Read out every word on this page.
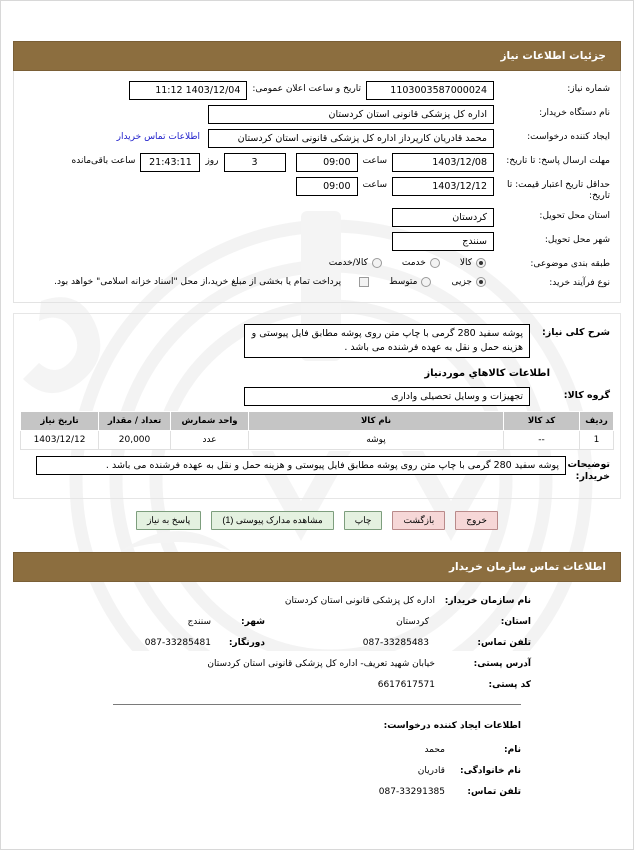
جزئیات اطلاعات نیاز
شماره نیاز:
1103003587000024
تاریخ و ساعت اعلان عمومی:
1403/12/04 11:12
نام دستگاه خریدار:
اداره کل پزشکی قانونی استان کردستان
ایجاد کننده درخواست:
محمد قادریان کارپرداز اداره کل پزشکی قانونی استان کردستان
اطلاعات تماس خریدار
مهلت ارسال پاسخ: تا تاریخ:
1403/12/08
ساعت
09:00
3
روز
21:43:11
ساعت باقی‌مانده
حداقل تاریخ اعتبار قیمت: تا تاریخ:
1403/12/12
ساعت
09:00
استان محل تحویل:
کردستان
شهر محل تحویل:
سنندج
طبقه بندی موضوعی:
کالا
خدمت
کالا/خدمت
نوع فرآیند خرید:
جزیی
متوسط
پرداخت تمام یا بخشی از مبلغ خرید،از محل "اسناد خزانه اسلامی" خواهد بود.
شرح کلی نیاز:
پوشه سفید 280 گرمی با چاپ متن روی پوشه مطابق فایل پیوستی و هزینه حمل و نقل به عهده فرشنده می باشد .
اطلاعات کالاهاي موردنیاز
گروه کالا:
تجهیزات و وسایل تحصیلی واداری
ردیف	کد کالا	نام کالا	واحد شمارش	تعداد / مقدار	تاریخ نیاز
1	--	پوشه	عدد	20,000	1403/12/12
توضیحات خریدار:
پوشه سفید 280 گرمی با چاپ متن روی پوشه مطابق فایل پیوستی و هزینه حمل و نقل به عهده فرشنده می باشد .
خروج
بازگشت
چاپ
مشاهده مدارک پیوستی (1)
پاسخ به نیاز
اطلاعات تماس سازمان خریدار
نام سازمان خریدار:
اداره کل پزشکی قانونی استان کردستان
استان:
کردستان
شهر:
سنندج
تلفن تماس:
087-33285483
دورنگار:
087-33285481
آدرس پستی:
خیابان شهید تعریف- اداره کل پزشکی قانونی استان کردستان
کد پستی:
6617617571
اطلاعات ایجاد کننده درخواست:
نام:
محمد
نام خانوادگی:
قادریان
تلفن تماس:
087-33291385
